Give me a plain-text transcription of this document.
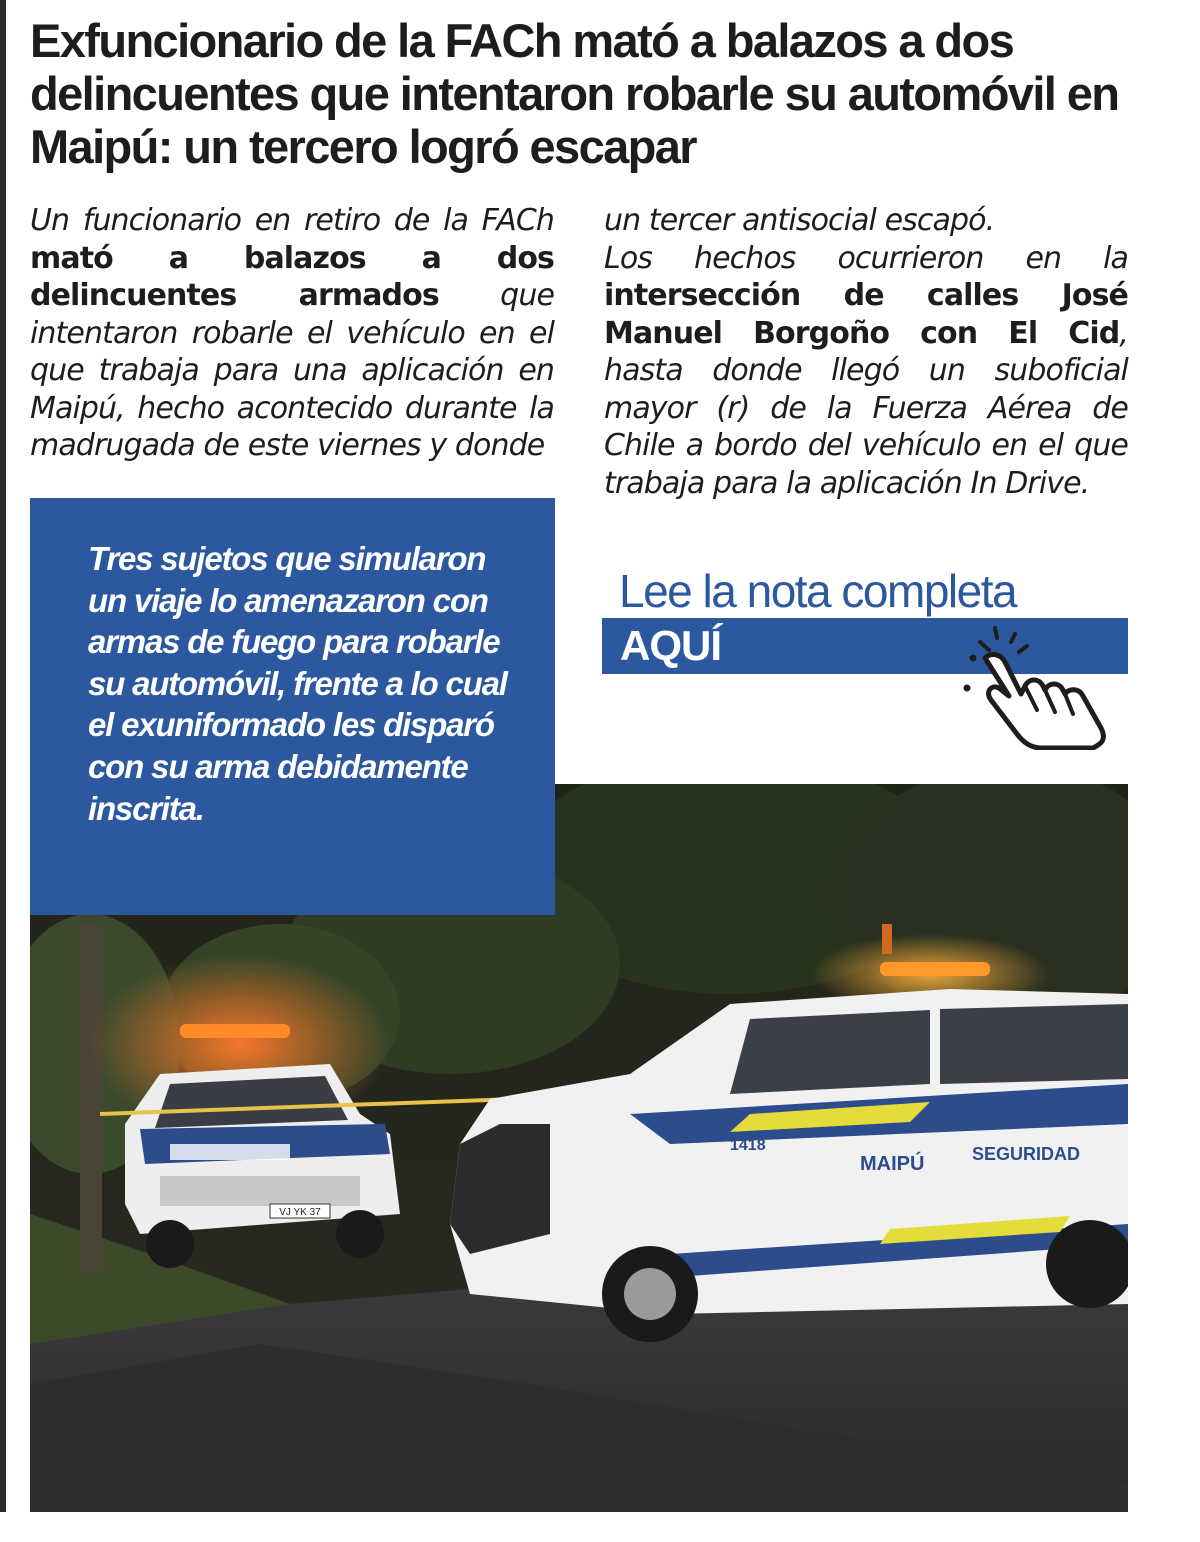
Exfuncionario de la FACh mató a balazos a dos delincuentes que intentaron robarle su automóvil en Maipú: un tercero logró escapar

Un funcionario en retiro de la FACh mató a balazos a dos delincuentes armados que intentaron robarle el vehículo en el que trabaja para una aplicación en Maipú, hecho acontecido durante la madrugada de este viernes y donde

un tercer antisocial escapó.

Los hechos ocurrieron en la intersección de calles José Manuel Borgoño con El Cid, hasta donde llegó un suboficial mayor (r) de la Fuerza Aérea de Chile a bordo del vehículo en el que trabaja para la aplicación In Drive.

VJ YK 37
1418
MAIPÚ	SEGURIDAD

Tres sujetos que simularon un viaje lo amenazaron con armas de fuego para robarle su automóvil, frente a lo cual el exuniformado les disparó con su arma debidamente inscrita.

Lee la nota completa
AQUÍ
